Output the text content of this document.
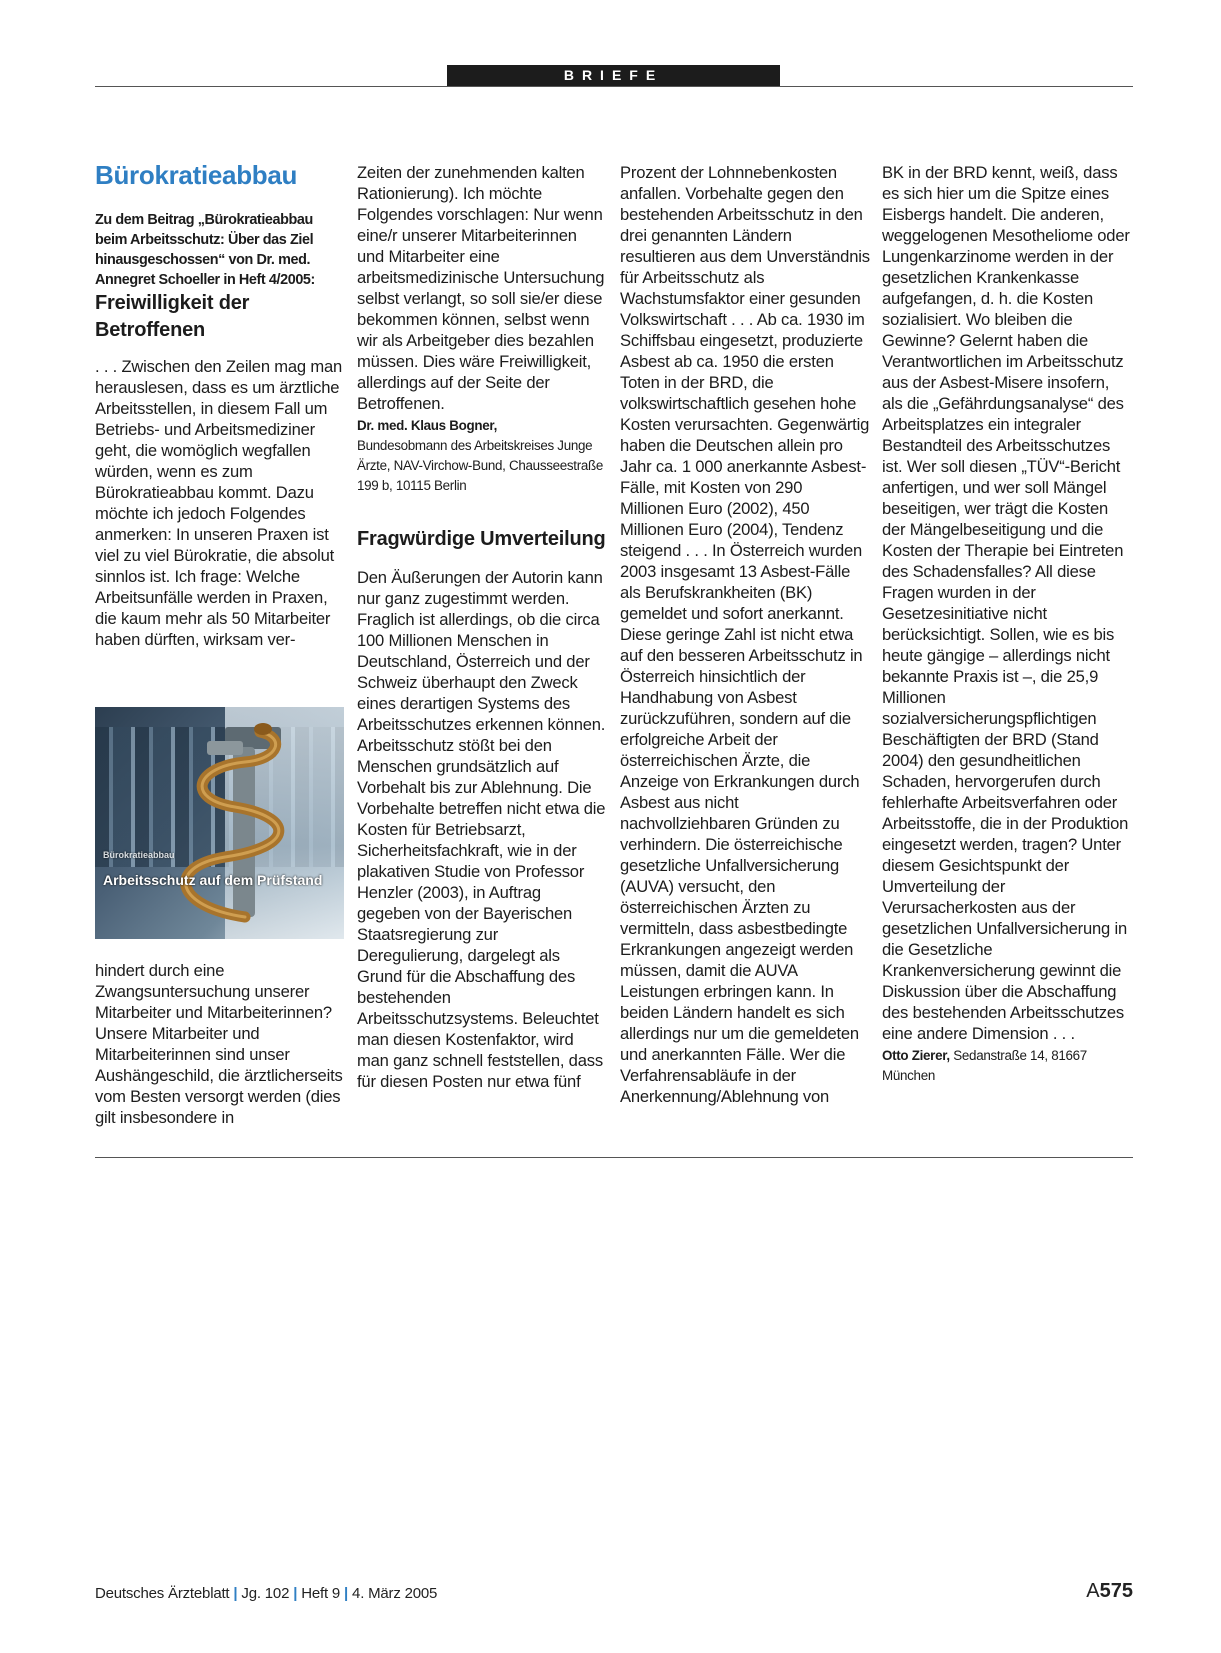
BRIEFE
Bürokratieabbau

Zu dem Beitrag „Bürokratieabbau beim Arbeitsschutz: Über das Ziel hinausgeschossen“ von Dr. med. Annegret Schoeller in Heft 4/2005:

Freiwilligkeit der Betroffenen

. . . Zwischen den Zeilen mag man herauslesen, dass es um ärztliche Arbeitsstellen, in diesem Fall um Betriebs- und Arbeitsmediziner geht, die womöglich wegfallen würden, wenn es zum Bürokratieabbau kommt. Dazu möchte ich jedoch Folgendes anmerken: In unseren Praxen ist viel zu viel Bürokratie, die absolut sinnlos ist. Ich frage: Welche Arbeitsunfälle werden in Praxen, die kaum mehr als 50 Mitarbeiter haben dürften, wirksam ver-

Bürokratieabbau
Arbeitsschutz auf dem Prüfstand

hindert durch eine Zwangsuntersuchung unserer Mitarbeiter und Mitarbeiterinnen? Unsere Mitarbeiter und Mitarbeiterinnen sind unser Aushängeschild, die ärztlicherseits vom Besten versorgt werden (dies gilt insbesondere in

Zeiten der zunehmenden kalten Rationierung). Ich möchte Folgendes vorschlagen: Nur wenn eine/r unserer Mitarbeiterinnen und Mitarbeiter eine arbeitsmedizinische Untersuchung selbst verlangt, so soll sie/er diese bekommen können, selbst wenn wir als Arbeitgeber dies bezahlen müssen. Dies wäre Freiwilligkeit, allerdings auf der Seite der Betroffenen.

Dr. med. Klaus Bogner,
Bundesobmann des Arbeitskreises Junge Ärzte, NAV-Virchow-Bund, Chausseestraße 199 b, 10115 Berlin
Fragwürdige Umverteilung

Den Äußerungen der Autorin kann nur ganz zugestimmt werden. Fraglich ist allerdings, ob die circa 100 Millionen Menschen in Deutschland, Österreich und der Schweiz überhaupt den Zweck eines derartigen Systems des Arbeitsschutzes erkennen können. Arbeitsschutz stößt bei den Menschen grundsätzlich auf Vorbehalt bis zur Ablehnung. Die Vorbehalte betreffen nicht etwa die Kosten für Betriebsarzt, Sicherheitsfachkraft, wie in der plakativen Studie von Professor Henzler (2003), in Auftrag gegeben von der Bayerischen Staatsregierung zur Deregulierung, dargelegt als Grund für die Abschaffung des bestehenden Arbeitsschutzsystems. Beleuchtet man diesen Kostenfaktor, wird man ganz schnell feststellen, dass für diesen Posten nur etwa fünf

Prozent der Lohnnebenkosten anfallen. Vorbehalte gegen den bestehenden Arbeitsschutz in den drei genannten Ländern resultieren aus dem Unverständnis für Arbeitsschutz als Wachstumsfaktor einer gesunden Volkswirtschaft . . . Ab ca. 1930 im Schiffsbau eingesetzt, produzierte Asbest ab ca. 1950 die ersten Toten in der BRD, die volkswirtschaftlich gesehen hohe Kosten verursachten. Gegenwärtig haben die Deutschen allein pro Jahr ca. 1 000 anerkannte Asbest-Fälle, mit Kosten von 290 Millionen Euro (2002), 450 Millionen Euro (2004), Tendenz steigend . . . In Österreich wurden 2003 insgesamt 13 Asbest-Fälle als Berufskrankheiten (BK) gemeldet und sofort anerkannt. Diese geringe Zahl ist nicht etwa auf den besseren Arbeitsschutz in Österreich hinsichtlich der Handhabung von Asbest zurückzuführen, sondern auf die erfolgreiche Arbeit der österreichischen Ärzte, die Anzeige von Erkrankungen durch Asbest aus nicht nachvollziehbaren Gründen zu verhindern. Die österreichische gesetzliche Unfallversicherung (AUVA) versucht, den österreichischen Ärzten zu vermitteln, dass asbestbedingte Erkrankungen angezeigt werden müssen, damit die AUVA Leistungen erbringen kann. In beiden Ländern handelt es sich allerdings nur um die gemeldeten und anerkannten Fälle. Wer die Verfahrensabläufe in der Anerkennung/Ablehnung von

BK in der BRD kennt, weiß, dass es sich hier um die Spitze eines Eisbergs handelt. Die anderen, weggelogenen Mesotheliome oder Lungenkarzinome werden in der gesetzlichen Krankenkasse aufgefangen, d. h. die Kosten sozialisiert. Wo bleiben die Gewinne? Gelernt haben die Verantwortlichen im Arbeitsschutz aus der Asbest-Misere insofern, als die „Gefährdungsanalyse“ des Arbeitsplatzes ein integraler Bestandteil des Arbeitsschutzes ist. Wer soll diesen „TÜV“-Bericht anfertigen, und wer soll Mängel beseitigen, wer trägt die Kosten der Mängelbeseitigung und die Kosten der Therapie bei Eintreten des Schadensfalles? All diese Fragen wurden in der Gesetzesinitiative nicht berücksichtigt. Sollen, wie es bis heute gängige – allerdings nicht bekannte Praxis ist –, die 25,9 Millionen sozialversicherungspflichtigen Beschäftigten der BRD (Stand 2004) den gesundheitlichen Schaden, hervorgerufen durch fehlerhafte Arbeitsverfahren oder Arbeitsstoffe, die in der Produktion eingesetzt werden, tragen? Unter diesem Gesichtspunkt der Umverteilung der Verursacherkosten aus der gesetzlichen Unfallversicherung in die Gesetzliche Krankenversicherung gewinnt die Diskussion über die Abschaffung des bestehenden Arbeitsschutzes eine andere Dimension . . .

Otto Zierer, Sedanstraße 14, 81667 München
Deutsches Ärzteblatt | Jg. 102 | Heft 9 | 4. März 2005	A575
